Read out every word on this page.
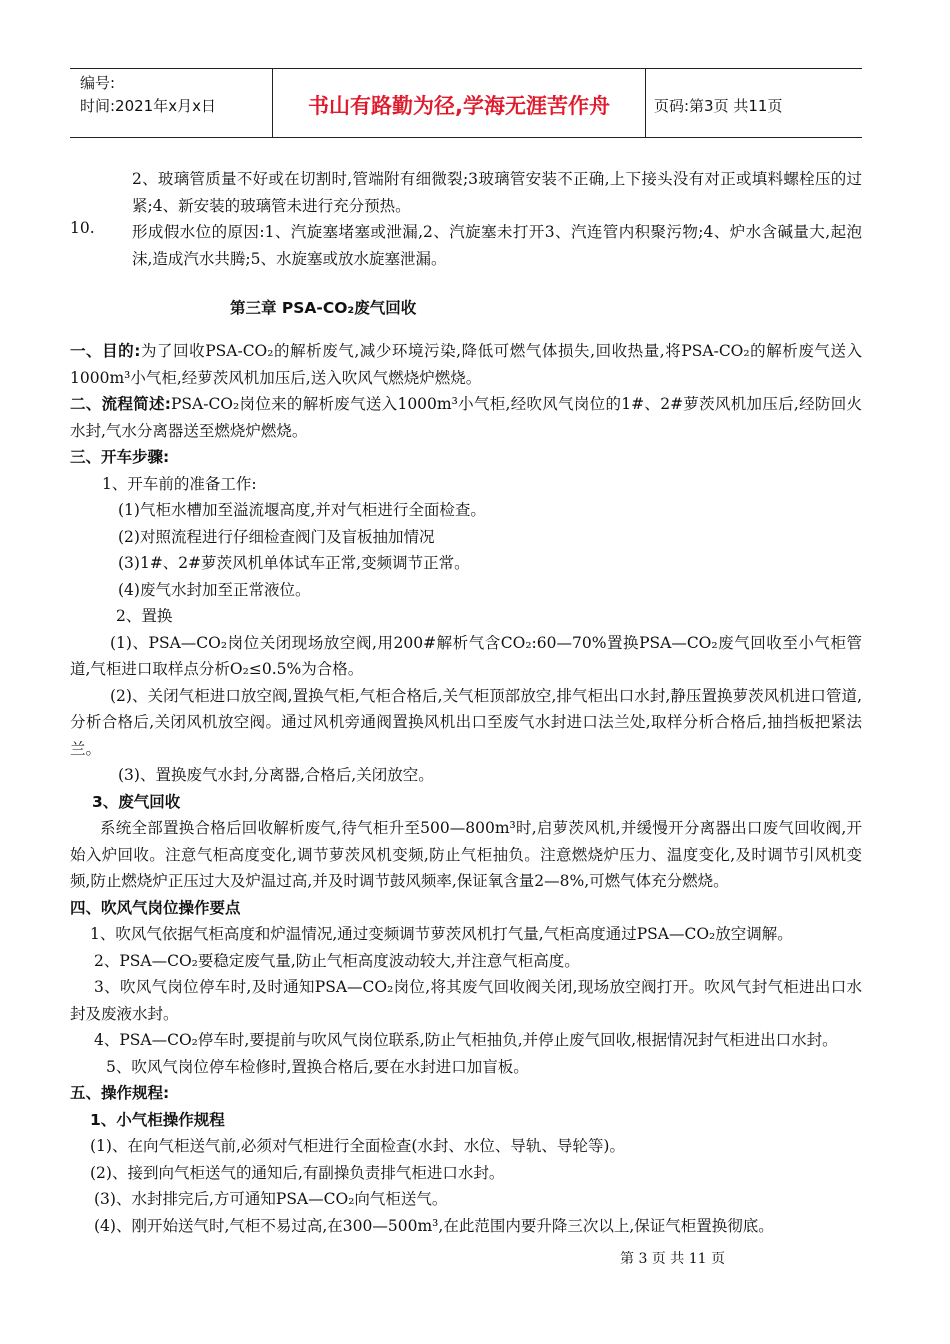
编号:
时间:2021年x月x日	书山有路勤为径,学海无涯苦作舟	页码:第3页 共11页
2、玻璃管质量不好或在切割时,管端附有细微裂;3玻璃管安装不正确,上下接头没有对正或填料螺栓压的过紧;4、新安装的玻璃管未进行充分预热。
10.	形成假水位的原因:1、汽旋塞堵塞或泄漏,2、汽旋塞未打开3、汽连管内积聚污物;4、炉水含碱量大,起泡沫,造成汽水共腾;5、水旋塞或放水旋塞泄漏。
第三章 PSA-CO₂废气回收
一、目的:为了回收PSA-CO₂的解析废气,减少环境污染,降低可燃气体损失,回收热量,将PSA-CO₂的解析废气送入1000m³小气柜,经萝茨风机加压后,送入吹风气燃烧炉燃烧。
二、流程简述:PSA-CO₂岗位来的解析废气送入1000m³小气柜,经吹风气岗位的1#、2#萝茨风机加压后,经防回火水封,气水分离器送至燃烧炉燃烧。
三、开车步骤:
1、开车前的准备工作:
(1)气柜水槽加至溢流堰高度,并对气柜进行全面检查。
(2)对照流程进行仔细检查阀门及盲板抽加情况
(3)1#、2#萝茨风机单体试车正常,变频调节正常。
(4)废气水封加至正常液位。
2、置换
(1)、PSA—CO₂岗位关闭现场放空阀,用200#解析气含CO₂:60—70%置换PSA—CO₂废气回收至小气柜管道,气柜进口取样点分析O₂≤0.5%为合格。
(2)、关闭气柜进口放空阀,置换气柜,气柜合格后,关气柜顶部放空,排气柜出口水封,静压置换萝茨风机进口管道,分析合格后,关闭风机放空阀。通过风机旁通阀置换风机出口至废气水封进口法兰处,取样分析合格后,抽挡板把紧法兰。
(3)、置换废气水封,分离器,合格后,关闭放空。
3、废气回收
系统全部置换合格后回收解析废气,待气柜升至500—800m³时,启萝茨风机,并缓慢开分离器出口废气回收阀,开始入炉回收。注意气柜高度变化,调节萝茨风机变频,防止气柜抽负。注意燃烧炉压力、温度变化,及时调节引风机变频,防止燃烧炉正压过大及炉温过高,并及时调节鼓风频率,保证氧含量2—8%,可燃气体充分燃烧。
四、吹风气岗位操作要点
1、吹风气依据气柜高度和炉温情况,通过变频调节萝茨风机打气量,气柜高度通过PSA—CO₂放空调解。
2、PSA—CO₂要稳定废气量,防止气柜高度波动较大,并注意气柜高度。
3、吹风气岗位停车时,及时通知PSA—CO₂岗位,将其废气回收阀关闭,现场放空阀打开。吹风气封气柜进出口水封及废液水封。
4、PSA—CO₂停车时,要提前与吹风气岗位联系,防止气柜抽负,并停止废气回收,根据情况封气柜进出口水封。
5、吹风气岗位停车检修时,置换合格后,要在水封进口加盲板。
五、操作规程:
1、小气柜操作规程
(1)、在向气柜送气前,必须对气柜进行全面检查(水封、水位、导轨、导轮等)。
(2)、接到向气柜送气的通知后,有副操负责排气柜进口水封。
(3)、水封排完后,方可通知PSA—CO₂向气柜送气。
(4)、刚开始送气时,气柜不易过高,在300—500m³,在此范围内要升降三次以上,保证气柜置换彻底。
第 3 页 共 11 页
